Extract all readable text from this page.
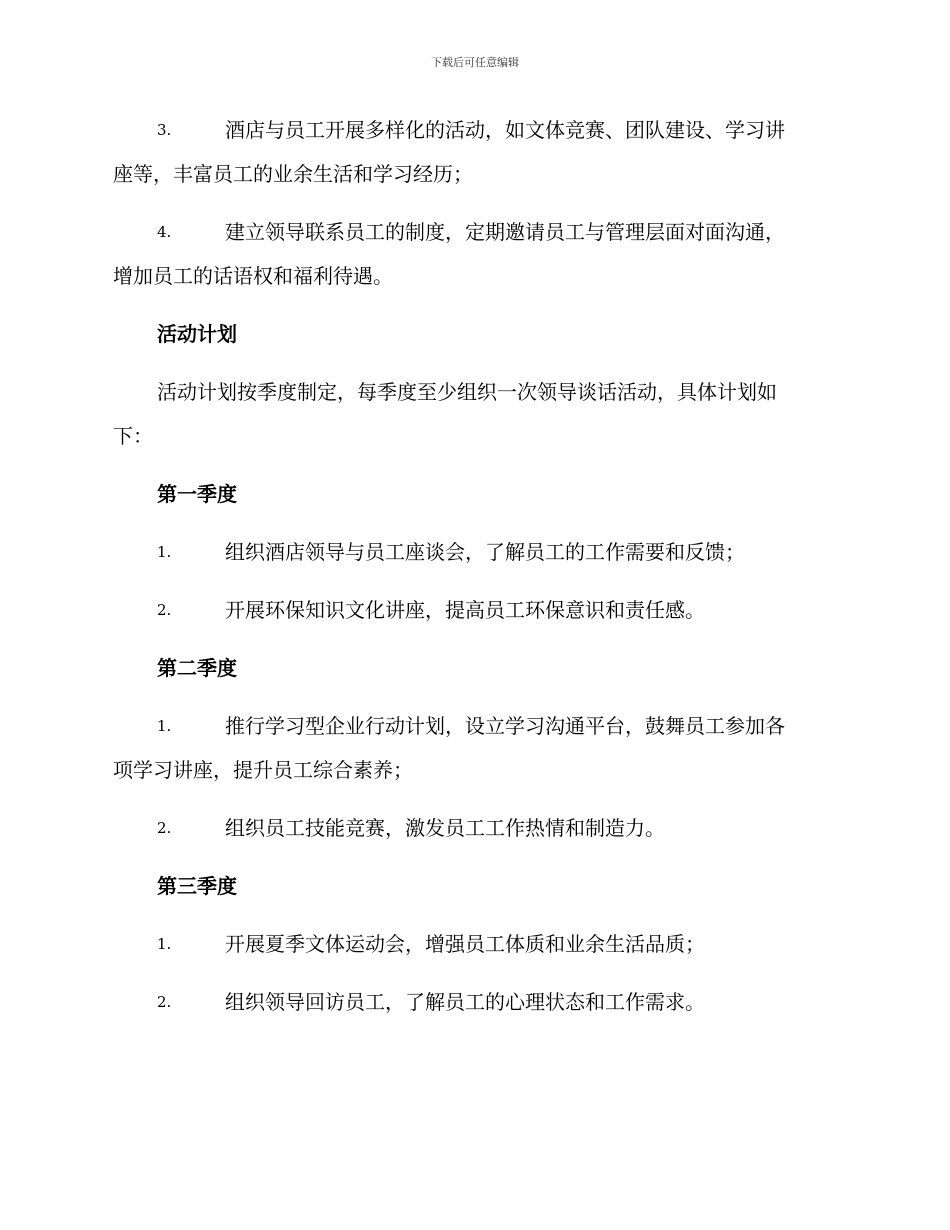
下载后可任意编辑
3.	酒店与员工开展多样化的活动，如文体竞赛、团队建设、学习讲
座等，丰富员工的业余生活和学习经历；
4.	建立领导联系员工的制度，定期邀请员工与管理层面对面沟通，
增加员工的话语权和福利待遇。
活动计划
活动计划按季度制定，每季度至少组织一次领导谈话活动，具体计划如
下：
第一季度
1.	组织酒店领导与员工座谈会，了解员工的工作需要和反馈；
2.	开展环保知识文化讲座，提高员工环保意识和责任感。
第二季度
1.	推行学习型企业行动计划，设立学习沟通平台，鼓舞员工参加各
项学习讲座，提升员工综合素养；
2.	组织员工技能竞赛，激发员工工作热情和制造力。
第三季度
1.	开展夏季文体运动会，增强员工体质和业余生活品质；
2.	组织领导回访员工，了解员工的心理状态和工作需求。
